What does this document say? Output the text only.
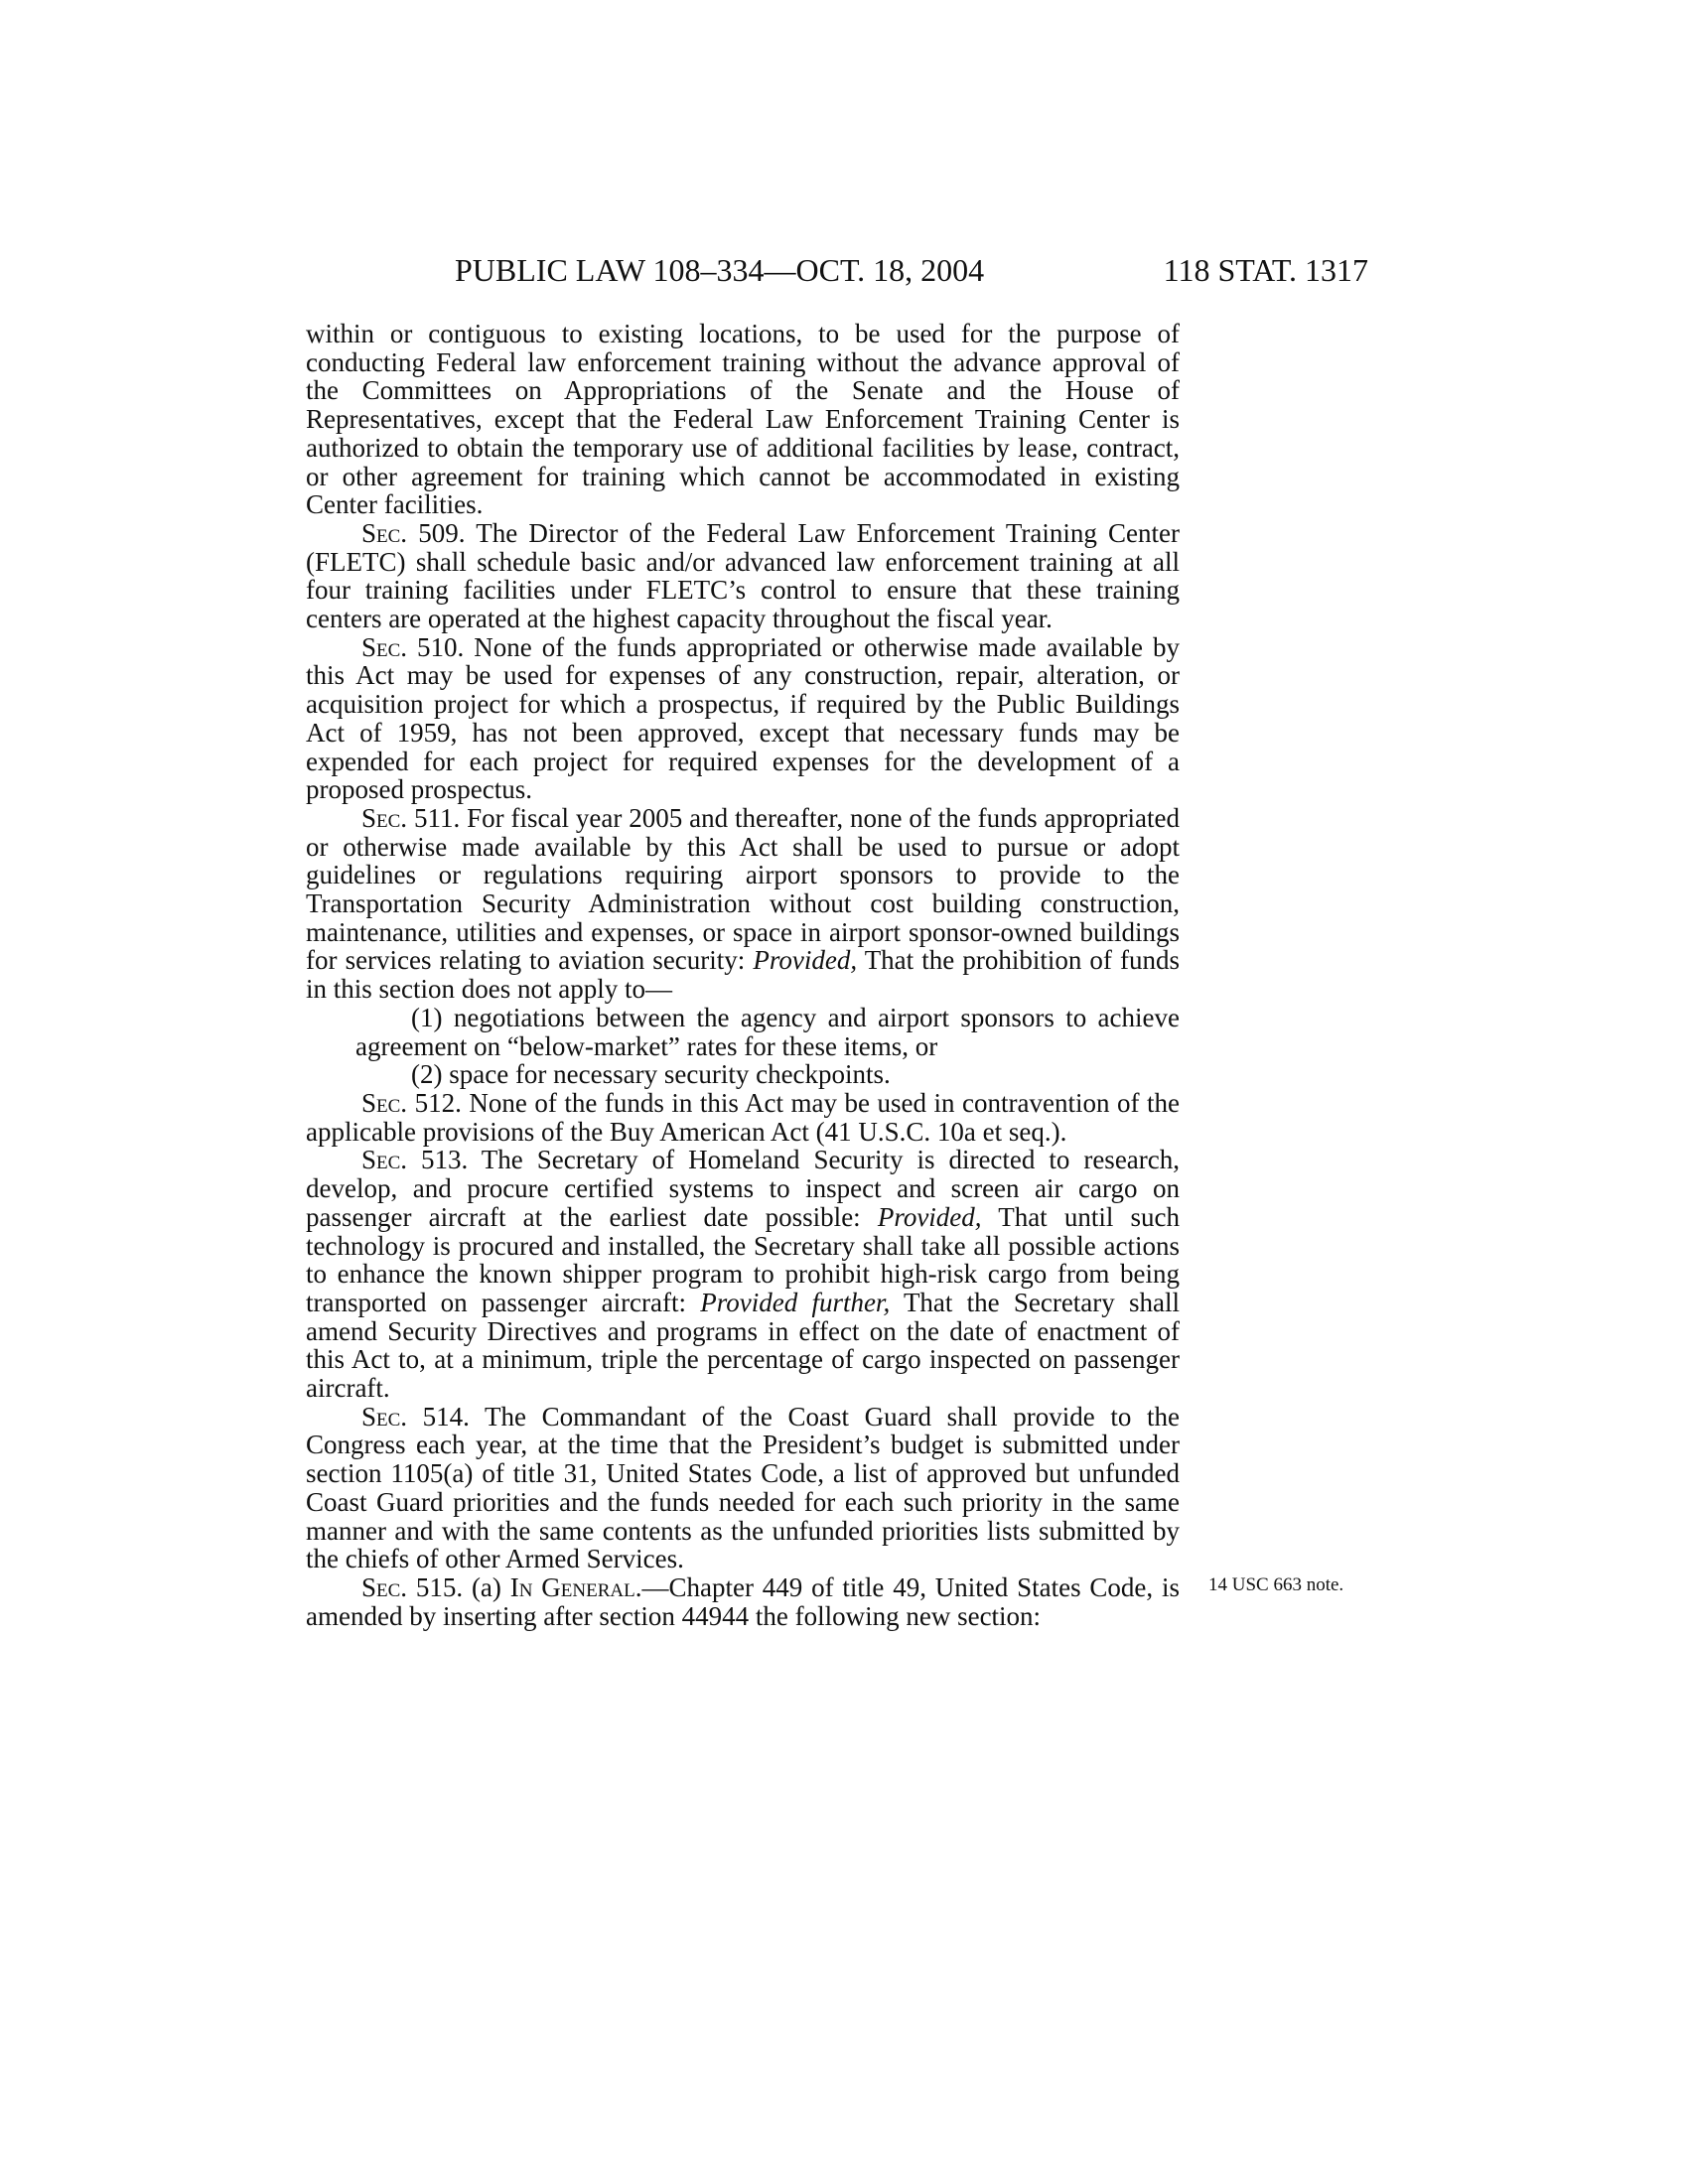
PUBLIC LAW 108–334—OCT. 18, 2004	118 STAT. 1317

within or contiguous to existing locations, to be used for the purpose of conducting Federal law enforcement training without the advance approval of the Committees on Appropriations of the Senate and the House of Representatives, except that the Federal Law Enforcement Training Center is authorized to obtain the temporary use of additional facilities by lease, contract, or other agreement for training which cannot be accommodated in existing Center facilities.

Sec. 509. The Director of the Federal Law Enforcement Training Center (FLETC) shall schedule basic and/or advanced law enforcement training at all four training facilities under FLETC’s control to ensure that these training centers are operated at the highest capacity throughout the fiscal year.

Sec. 510. None of the funds appropriated or otherwise made available by this Act may be used for expenses of any construction, repair, alteration, or acquisition project for which a prospectus, if required by the Public Buildings Act of 1959, has not been approved, except that necessary funds may be expended for each project for required expenses for the development of a proposed prospectus.

Sec. 511. For fiscal year 2005 and thereafter, none of the funds appropriated or otherwise made available by this Act shall be used to pursue or adopt guidelines or regulations requiring airport sponsors to provide to the Transportation Security Administration without cost building construction, maintenance, utilities and expenses, or space in airport sponsor-owned buildings for services relating to aviation security: Provided, That the prohibition of funds in this section does not apply to—

(1) negotiations between the agency and airport sponsors to achieve agreement on “below-market” rates for these items, or

(2) space for necessary security checkpoints.

Sec. 512. None of the funds in this Act may be used in contravention of the applicable provisions of the Buy American Act (41 U.S.C. 10a et seq.).

Sec. 513. The Secretary of Homeland Security is directed to research, develop, and procure certified systems to inspect and screen air cargo on passenger aircraft at the earliest date possible: Provided, That until such technology is procured and installed, the Secretary shall take all possible actions to enhance the known shipper program to prohibit high-risk cargo from being transported on passenger aircraft: Provided further, That the Secretary shall amend Security Directives and programs in effect on the date of enactment of this Act to, at a minimum, triple the percentage of cargo inspected on passenger aircraft.

Sec. 514. The Commandant of the Coast Guard shall provide to the Congress each year, at the time that the President’s budget is submitted under section 1105(a) of title 31, United States Code, a list of approved but unfunded Coast Guard priorities and the funds needed for each such priority in the same manner and with the same contents as the unfunded priorities lists submitted by the chiefs of other Armed Services.

Sec. 515. (a) In General.—Chapter 449 of title 49, United States Code, is amended by inserting after section 44944 the following new section:

14 USC 663 note.
